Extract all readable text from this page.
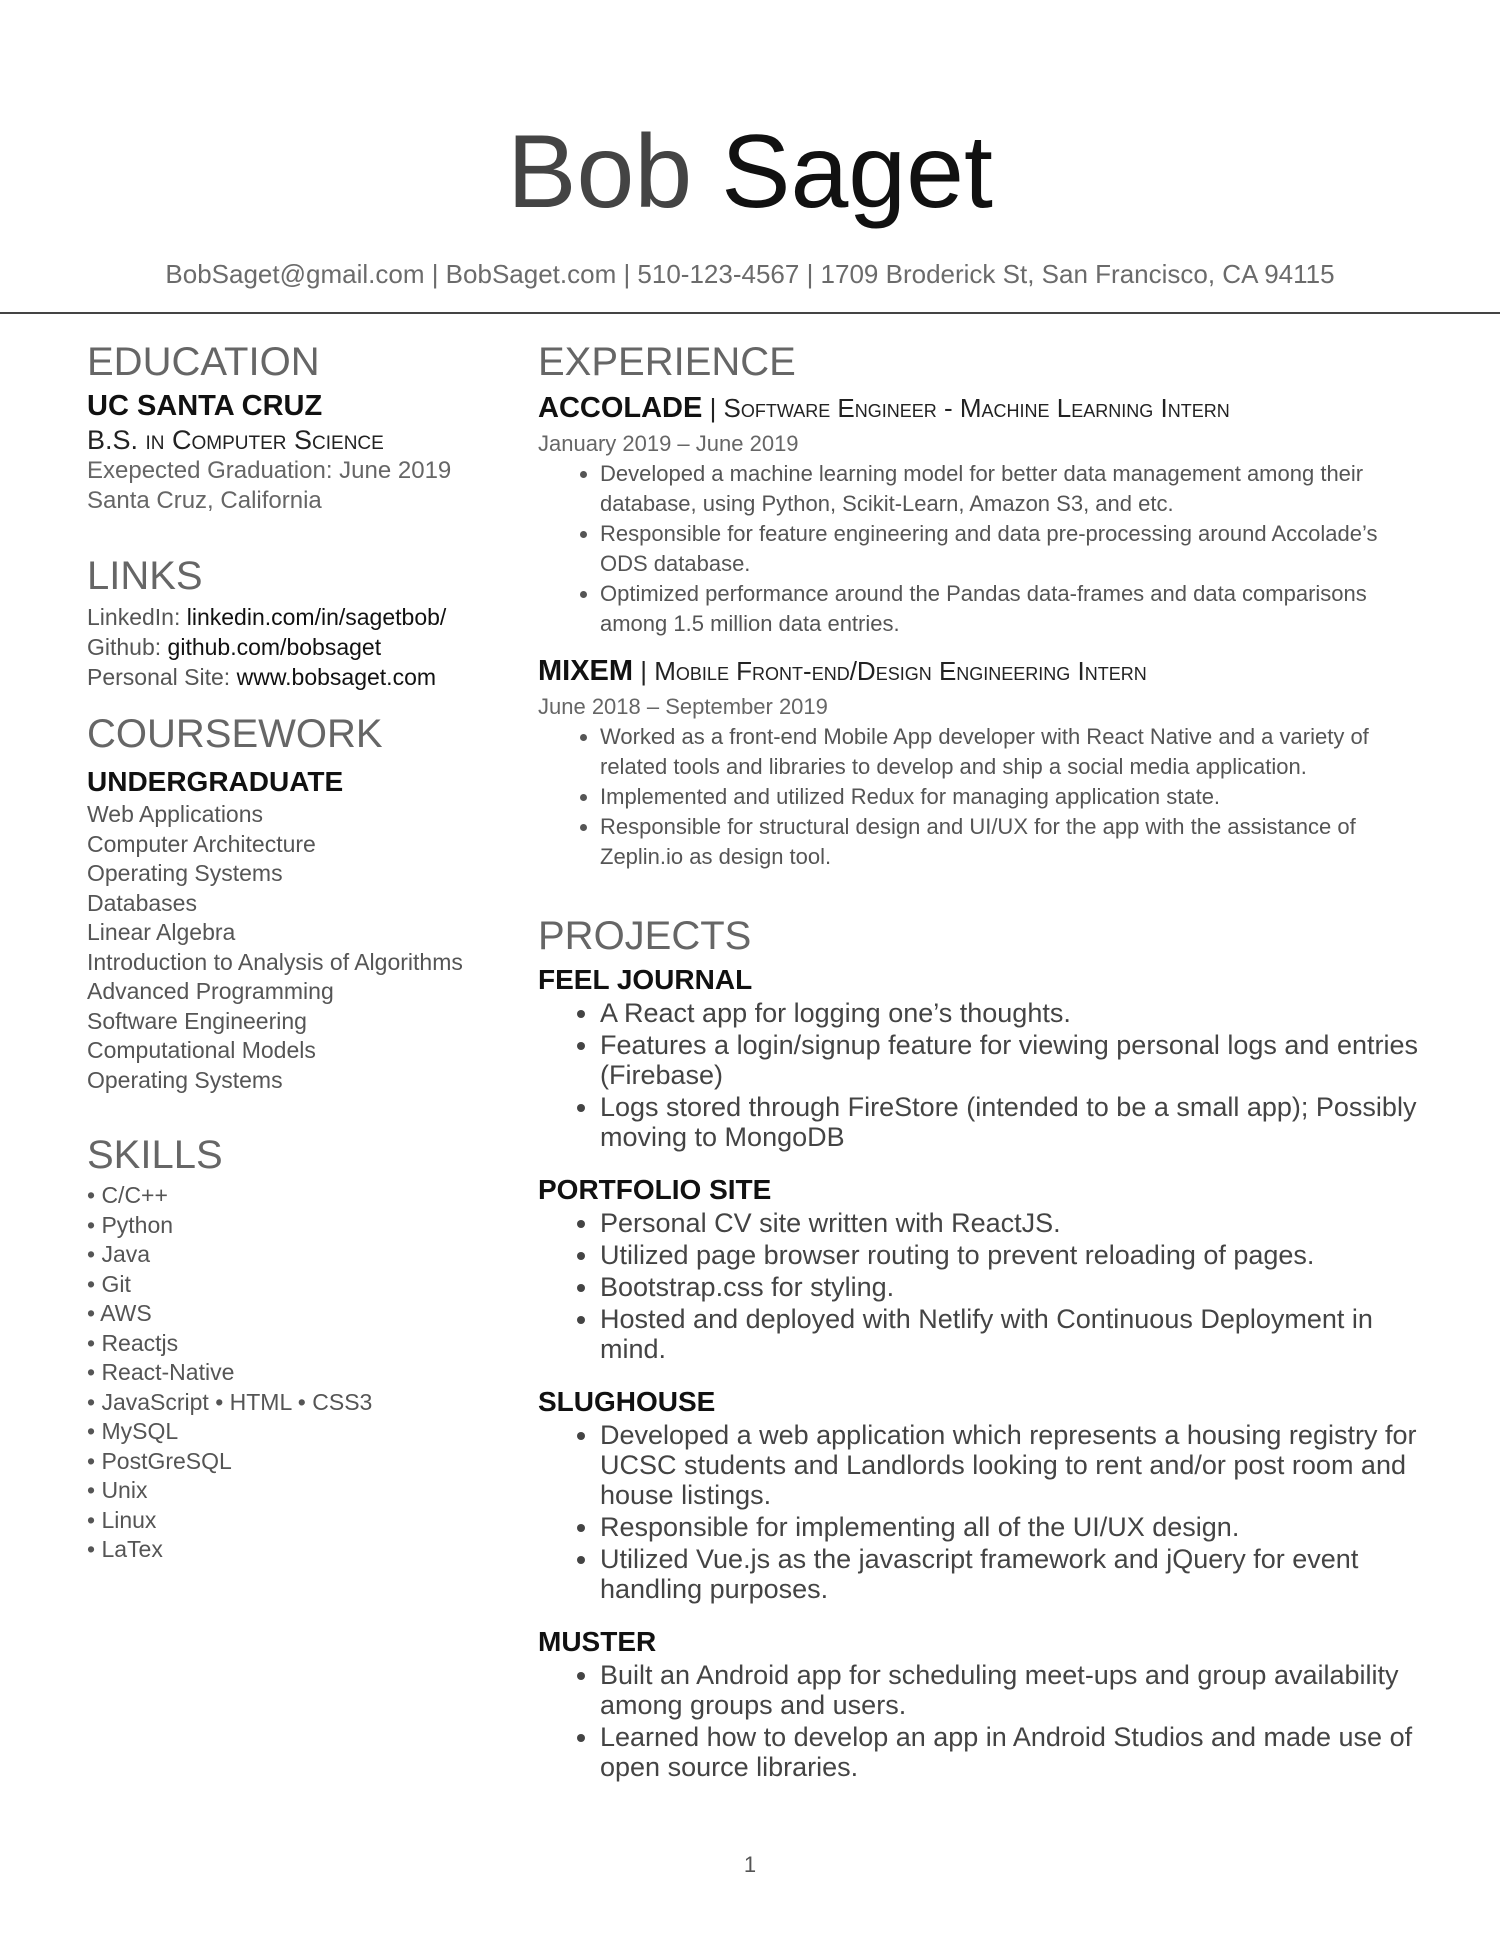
Bob Saget
BobSaget@gmail.com | BobSaget.com | 510-123-4567 | 1709 Broderick St, San Francisco, CA 94115
EDUCATION
UC SANTA CRUZ
B.S. in Computer Science
Exepected Graduation: June 2019
Santa Cruz, California
LINKS
LinkedIn: linkedin.com/in/sagetbob/
Github: github.com/bobsaget
Personal Site: www.bobsaget.com
COURSEWORK
UNDERGRADUATE
Web Applications
Computer Architecture
Operating Systems
Databases
Linear Algebra
Introduction to Analysis of Algorithms
Advanced Programming
Software Engineering
Computational Models
Operating Systems
SKILLS
• C/C++
• Python
• Java
• Git
• AWS
• Reactjs
• React-Native
• JavaScript • HTML • CSS3
• MySQL
• PostGreSQL
• Unix
• Linux
• LaTex
EXPERIENCE
ACCOLADE | Software Engineer - Machine Learning Intern
January 2019 – June 2019
• Developed a machine learning model for better data management among their database, using Python, Scikit-Learn, Amazon S3, and etc.
• Responsible for feature engineering and data pre-processing around Accolade’s ODS database.
• Optimized performance around the Pandas data-frames and data comparisons among 1.5 million data entries.
MIXEM | Mobile Front-end/Design Engineering Intern
June 2018 – September 2019
• Worked as a front-end Mobile App developer with React Native and a variety of related tools and libraries to develop and ship a social media application.
• Implemented and utilized Redux for managing application state.
• Responsible for structural design and UI/UX for the app with the assistance of Zeplin.io as design tool.
PROJECTS
FEEL JOURNAL
• A React app for logging one’s thoughts.
• Features a login/signup feature for viewing personal logs and entries (Firebase)
• Logs stored through FireStore (intended to be a small app); Possibly moving to MongoDB
PORTFOLIO SITE
• Personal CV site written with ReactJS.
• Utilized page browser routing to prevent reloading of pages.
• Bootstrap.css for styling.
• Hosted and deployed with Netlify with Continuous Deployment in mind.
SLUGHOUSE
• Developed a web application which represents a housing registry for UCSC students and Landlords looking to rent and/or post room and house listings.
• Responsible for implementing all of the UI/UX design.
• Utilized Vue.js as the javascript framework and jQuery for event handling purposes.
MUSTER
• Built an Android app for scheduling meet-ups and group availability among groups and users.
• Learned how to develop an app in Android Studios and made use of open source libraries.
1
